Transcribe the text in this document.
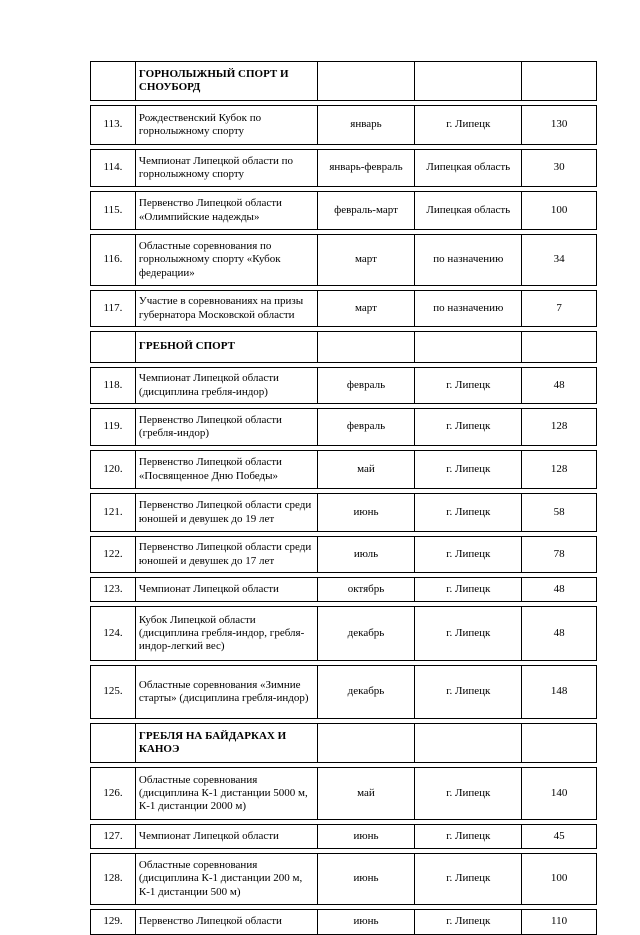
	ГОРНОЛЫЖНЫЙ СПОРТ И СНОУБОРД			

113.	Рождественский Кубок по горнолыжному спорту	январь	г. Липецк	130

114.	Чемпионат Липецкой области по горнолыжному спорту	январь-февраль	Липецкая область	30

115.	Первенство Липецкой области «Олимпийские надежды»	февраль-март	Липецкая область	100

116.	Областные соревнования по горнолыжному спорту «Кубок федерации»	март	по назначению	34

117.	Участие в соревнованиях на призы губернатора Московской области	март	по назначению	7

	ГРЕБНОЙ СПОРТ			

118.	Чемпионат Липецкой области (дисциплина гребля-индор)	февраль	г. Липецк	48

119.	Первенство Липецкой области (гребля-индор)	февраль	г. Липецк	128

120.	Первенство Липецкой области «Посвященное Дню Победы»	май	г. Липецк	128

121.	Первенство Липецкой области среди юношей и девушек до 19 лет	июнь	г. Липецк	58

122.	Первенство Липецкой области среди юношей и девушек до 17 лет	июль	г. Липецк	78

123.	Чемпионат Липецкой области	октябрь	г. Липецк	48

124.	Кубок Липецкой области (дисциплина гребля-индор, гребля-индор-легкий вес)	декабрь	г. Липецк	48

125.	Областные соревнования «Зимние старты» (дисциплина гребля-индор)	декабрь	г. Липецк	148

	ГРЕБЛЯ НА БАЙДАРКАХ И КАНОЭ			

126.	Областные соревнования (дисциплина К-1 дистанции 5000 м, К-1 дистанции 2000 м)	май	г. Липецк	140

127.	Чемпионат Липецкой области	июнь	г. Липецк	45

128.	Областные соревнования (дисциплина К-1 дистанции 200 м, К-1 дистанции 500 м)	июнь	г. Липецк	100

129.	Первенство Липецкой области	июнь	г. Липецк	110
